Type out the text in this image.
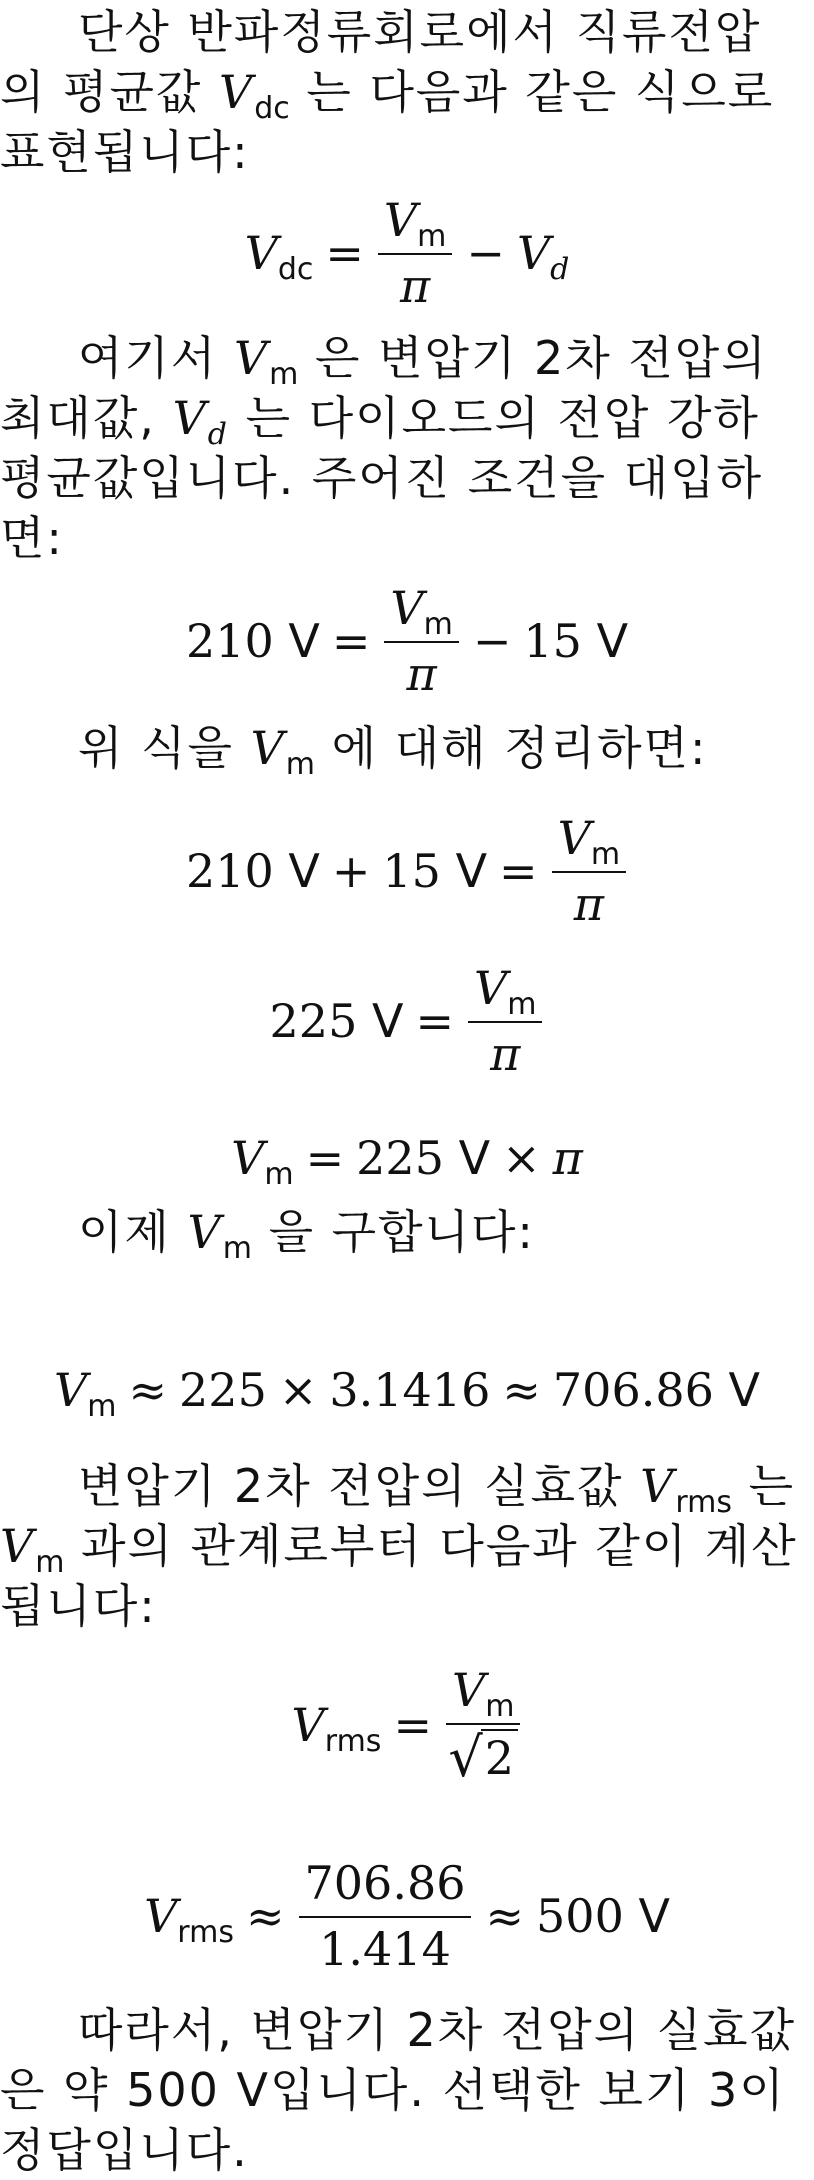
단상 반파정류회로에서 직류전압
의 평균값 $V_{dc}$ 는 다음과 같은 식으로
표현됩니다:
$V_{dc} = \frac{V_m}{\pi} - V_d$
여기서 $V_m$ 은 변압기 2차 전압의
최대값, $V_d$ 는 다이오드의 전압 강하
평균값입니다. 주어진 조건을 대입하
면:
210 $V = \frac{V_m}{\pi} - 15$ V
위 식을 $V_m$ 에 대해 정리하면:
210 V + 15 $V = \frac{V_m}{\pi}$
225 $V = \frac{V_m}{\pi}$
$V_m = 225$ V × π
이제 $V_m$ 을 구합니다:
$V_m \approx 225 \times 3.1416 \approx 706.86$ V
변압기 2차 전압의 실효값 $V_{rms}$ 는
$V_m$ 과의 관계로부터 다음과 같이 계산
됩니다:
$V_{rms} = \frac{V_m}{√ 2}$
$V_{rms} \approx \frac{706.86}{1.414} \approx 500$ V
따라서, 변압기 2차 전압의 실효값
은 약 500 V입니다. 선택한 보기 3이
정답입니다.
